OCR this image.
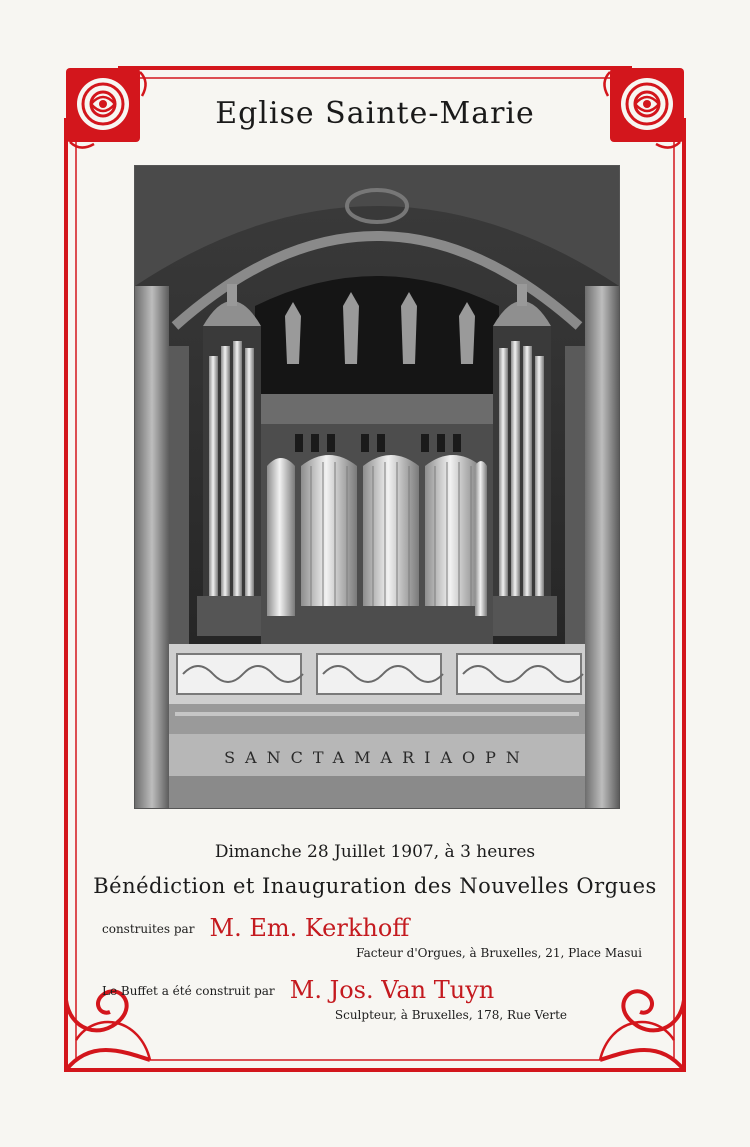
Eglise Sainte-Marie
SANCTAMARIAOPN
Dimanche 28 Juillet 1907, à 3 heures
Bénédiction et Inauguration des Nouvelles Orgues
construites par M. Em. Kerkhoff
Facteur d'Orgues, à Bruxelles, 21, Place Masui
Le Buffet a été construit par M. Jos. Van Tuyn
Sculpteur, à Bruxelles, 178, Rue Verte
